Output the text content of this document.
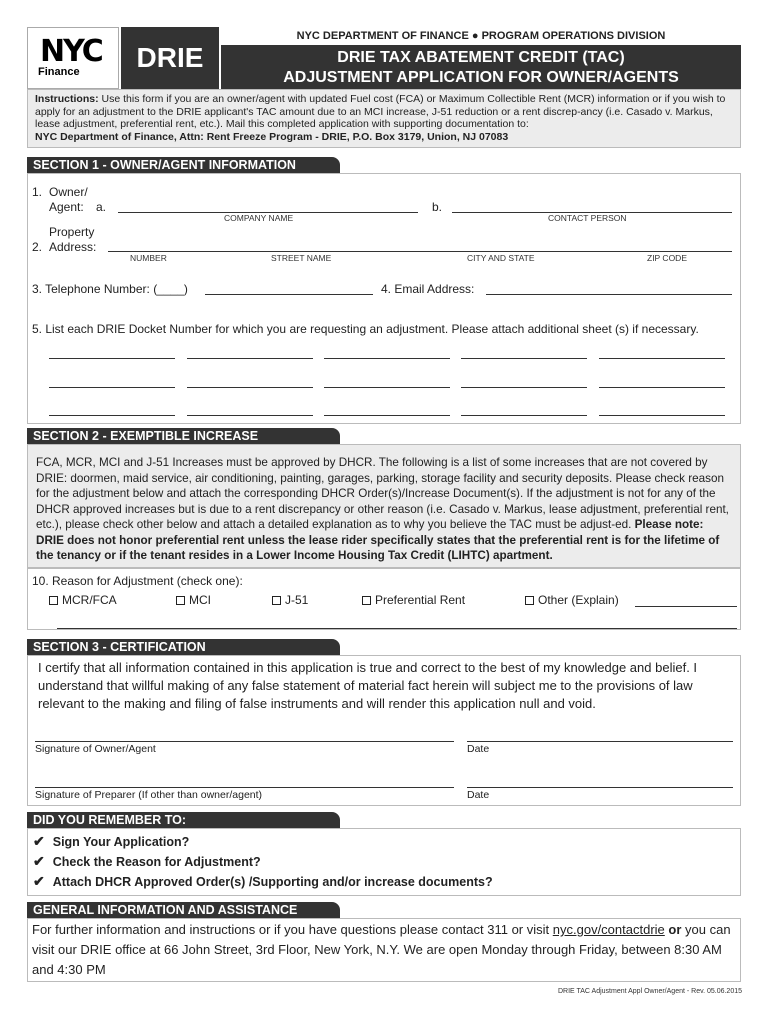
NYC
Finance	DRIE
NYC DEPARTMENT OF FINANCE ● PROGRAM OPERATIONS DIVISION
DRIE TAX ABATEMENT CREDIT (TAC)
ADJUSTMENT APPLICATION FOR OWNER/AGENTS
Instructions: Use this form if you are an owner/agent with updated Fuel cost (FCA) or Maximum Collectible Rent (MCR) information or if you wish to apply for an adjustment to the DRIE applicant's TAC amount due to an MCI increase, J-51 reduction or a rent discrep-ancy (i.e. Casado v. Markus, lease adjustment, preferential rent, etc.). Mail this completed application with supporting documentation to:
NYC Department of Finance, Attn: Rent Freeze Program - DRIE, P.O. Box 3179, Union, NJ 07083
SECTION 1 - OWNER/AGENT INFORMATION
1. Owner/
Agent: a.
COMPANY NAME
b.
CONTACT PERSON
Property
2. Address:
NUMBER	STREET NAME	CITY AND STATE	ZIP CODE
3. Telephone Number: (____)	4. Email Address:
5. List each DRIE Docket Number for which you are requesting an adjustment. Please attach additional sheet (s) if necessary.
SECTION 2 - EXEMPTIBLE INCREASE
FCA, MCR, MCI and J-51 Increases must be approved by DHCR. The following is a list of some increases that are not covered by DRIE: doormen, maid service, air conditioning, painting, garages, parking, storage facility and security deposits. Please check reason for the adjustment below and attach the corresponding DHCR Order(s)/Increase Document(s). If the adjustment is not for any of the DHCR approved increases but is due to a rent discrepancy or other reason (i.e. Casado v. Markus, lease adjustment, preferential rent, etc.), please check other below and attach a detailed explanation as to why you believe the TAC must be adjust-ed. Please note: DRIE does not honor preferential rent unless the lease rider specifically states that the preferential rent is for the lifetime of the tenancy or if the tenant resides in a Lower Income Housing Tax Credit (LIHTC) apartment.
10. Reason for Adjustment (check one):
MCR/FCA	MCI	J-51	Preferential Rent	Other (Explain)
SECTION 3 - CERTIFICATION
I certify that all information contained in this application is true and correct to the best of my knowledge and belief. I understand that willful making of any false statement of material fact herein will subject me to the provisions of law relevant to the making and filing of false instruments and will render this application null and void.
Signature of Owner/Agent	Date
Signature of Preparer (If other than owner/agent)	Date
DID YOU REMEMBER TO:
✔ Sign Your Application?
✔ Check the Reason for Adjustment?
✔ Attach DHCR Approved Order(s) /Supporting and/or increase documents?
GENERAL INFORMATION AND ASSISTANCE
For further information and instructions or if you have questions please contact 311 or visit nyc.gov/contactdrie or you can visit our DRIE office at 66 John Street, 3rd Floor, New York, N.Y. We are open Monday through Friday, between 8:30 AM and 4:30 PM
DRIE TAC Adjustment Appl Owner/Agent - Rev. 05.06.2015
